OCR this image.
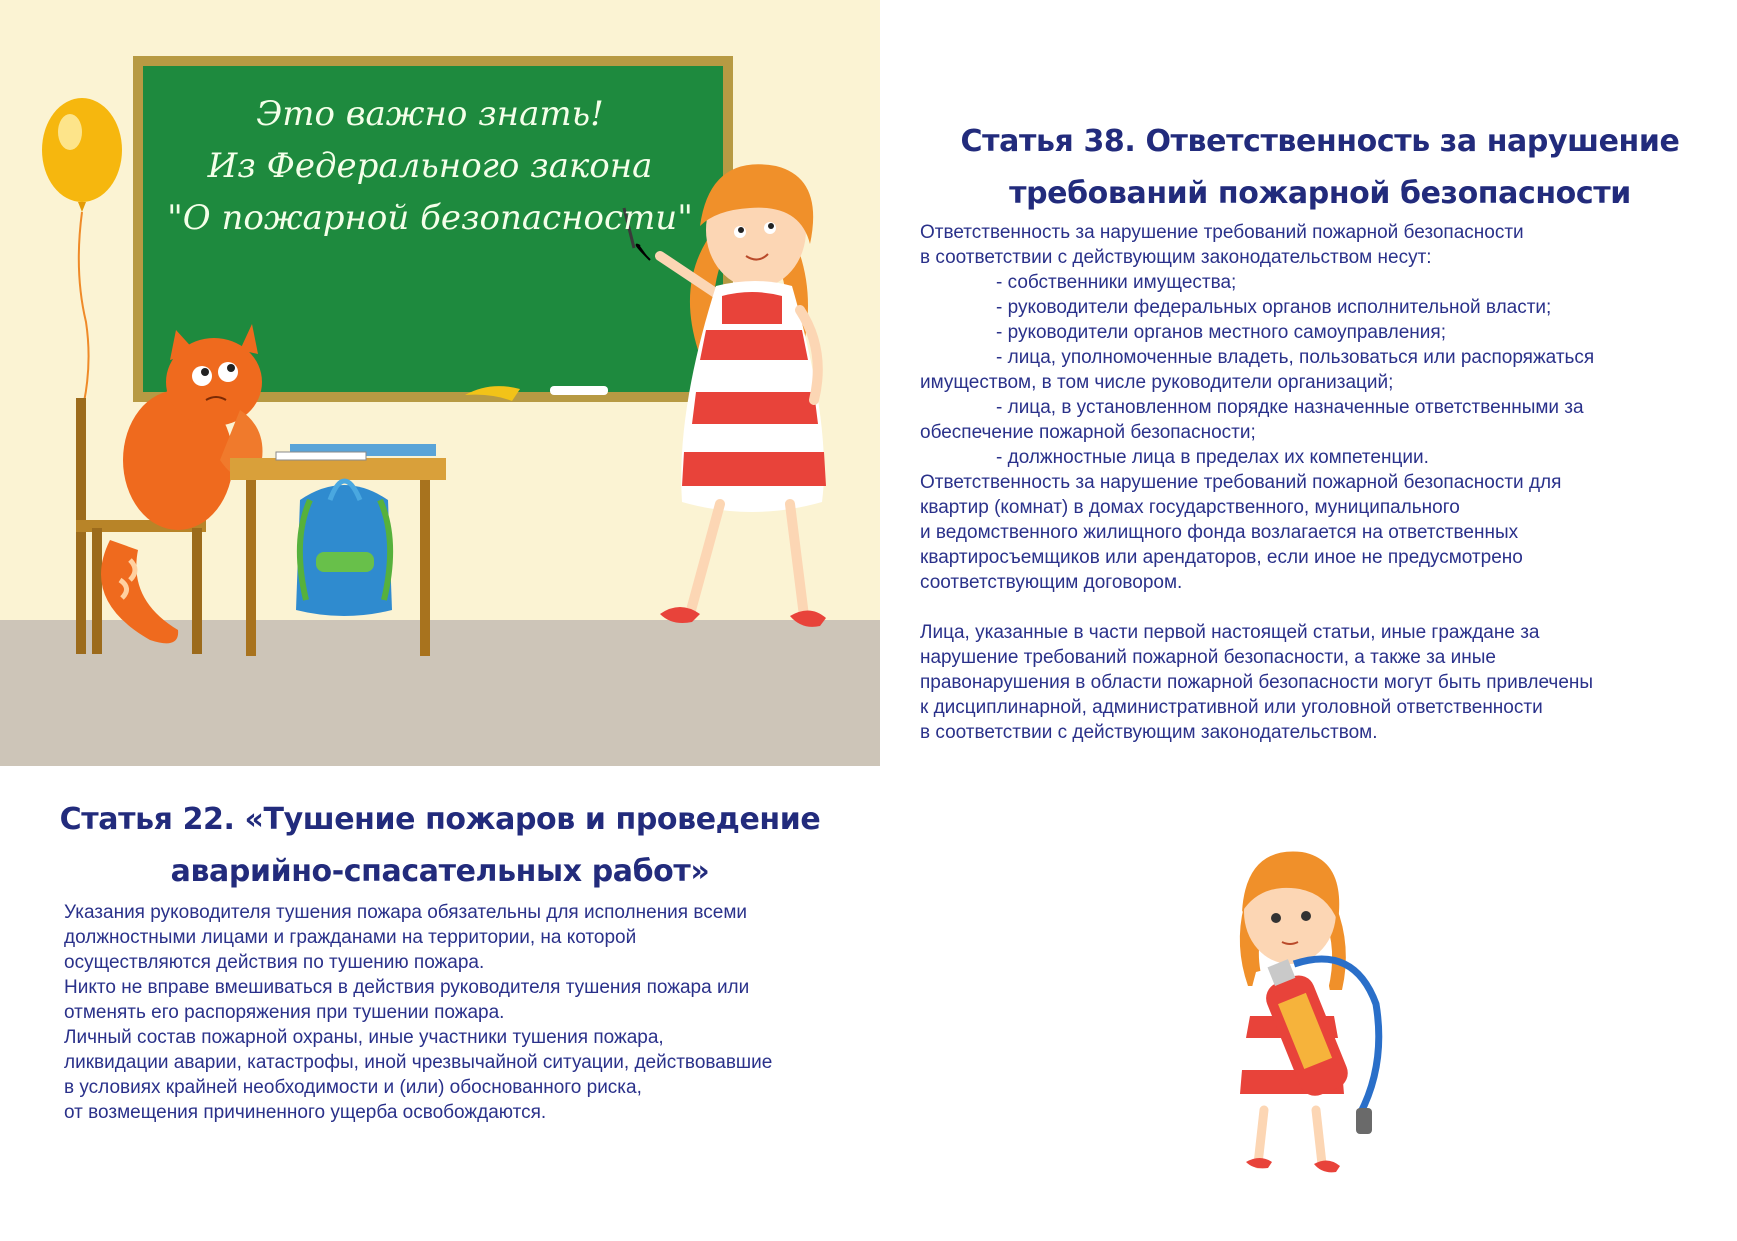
Это важно знать!
Из Федерального закона
"О пожарной безопасности"
Статья 38. Ответственность за нарушение
требований пожарной безопасности
Ответственность за нарушение требований пожарной безопасности
в соответствии с действующим законодательством несут:
- собственники имущества;
- руководители федеральных органов исполнительной власти;
- руководители органов местного самоуправления;
- лица, уполномоченные владеть, пользоваться или распоряжаться
имуществом, в том числе руководители организаций;
- лица, в установленном порядке назначенные ответственными за
обеспечение пожарной безопасности;
- должностные лица в пределах их компетенции.
Ответственность за нарушение требований пожарной безопасности для
квартир (комнат) в домах государственного, муниципального
и ведомственного жилищного фонда возлагается на ответственных
квартиросъемщиков или арендаторов, если иное не предусмотрено
соответствующим договором.
Лица, указанные в части первой настоящей статьи, иные граждане за
нарушение требований пожарной безопасности, а также за иные
правонарушения в области пожарной безопасности могут быть привлечены
к дисциплинарной, административной или уголовной ответственности
в соответствии с действующим законодательством.
Статья 22. «Тушение пожаров и проведение
аварийно-спасательных работ»
Указания руководителя тушения пожара обязательны для исполнения всеми
должностными лицами и гражданами на территории, на которой
осуществляются действия по тушению пожара.
Никто не вправе вмешиваться в действия руководителя тушения пожара или
отменять его распоряжения при тушении пожара.
Личный состав пожарной охраны, иные участники тушения пожара,
ликвидации аварии, катастрофы, иной чрезвычайной ситуации, действовавшие
в условиях крайней необходимости и (или) обоснованного риска,
от возмещения причиненного ущерба освобождаются.
